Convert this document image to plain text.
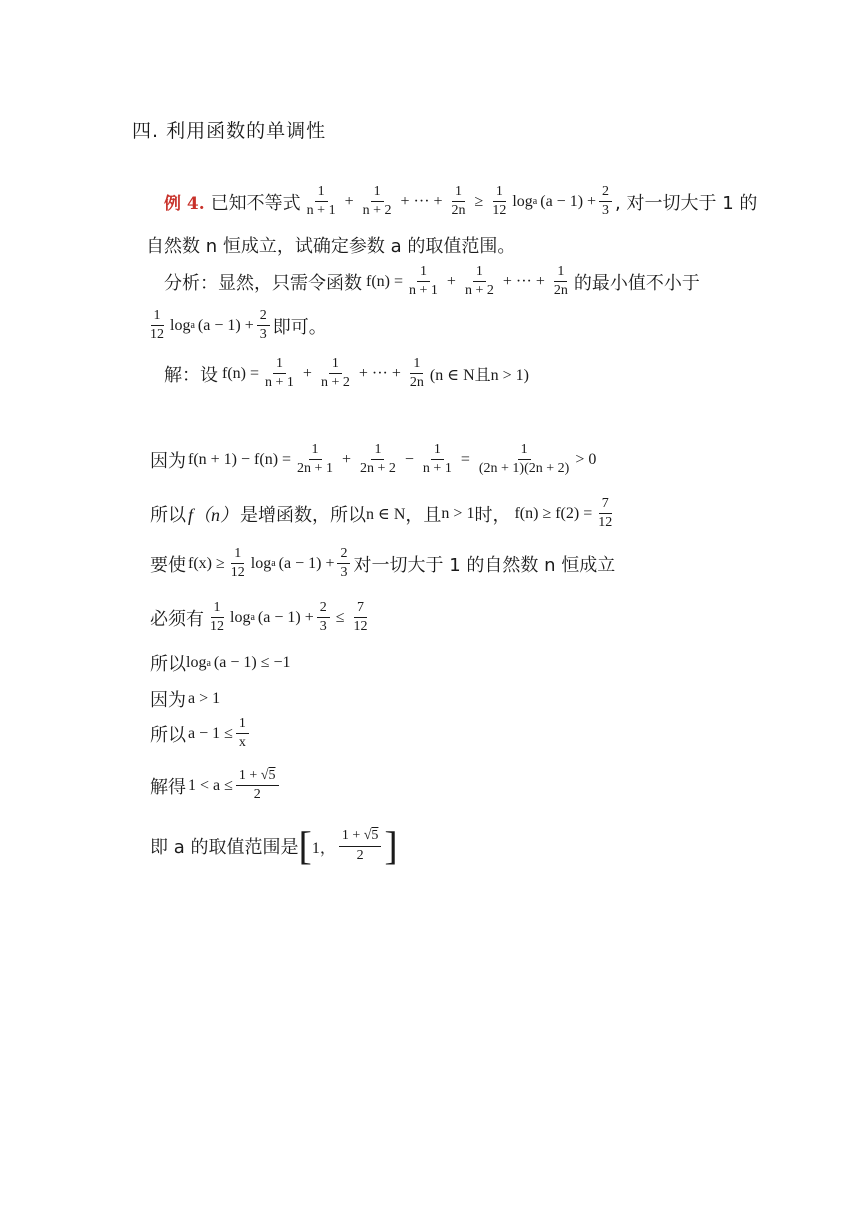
四. 利用函数的单调性
例 4. 已知不等式 $\frac{1}{n + 1} + \frac{1}{n + 2}$ + ··· + $\frac{1}{2n} \ge \frac{1}{12}$ log a $(a - 1) + \frac{2}{3}$ , 对一切大于 1 的
自然数 n 恒成立，试确定参数 a 的取值范围。
分析：显然，只需令函数 $f(n) = \frac{1}{n + 1} + \frac{1}{n + 2}$ + ··· + $\frac{1}{2n}$ 的最小值不小于
$\frac{1}{12}$ log a $(a - 1) + \frac{2}{3}$ 即可。
解：设 $f(n) = \frac{1}{n + 1} + \frac{1}{n + 2}$ + ··· + $\frac{1}{2n} (n$ ∈ N且n > 1)
因为 $f(n + 1) - f(n) = \frac{1}{2n + 1} + \frac{1}{2n + 2} - \frac{1}{n + 1} = \frac{1}{(2n + 1)(2n + 2)} > 0$
所以 f（n） 是增函数，所以 n ∈ N ，且 n > 1 时， $f(n) \ge f(2) = \frac{7}{12}$
要使 $f(x) \ge \frac{1}{12}$ log a $(a - 1) + \frac{2}{3}$ 对一切大于 1 的自然数 n 恒成立
必须有 $\frac{1}{12}$ log a $(a - 1) + \frac{2}{3} \le \frac{7}{12}$
所以 log a (a − 1) ≤ −1
因为 a > 1
所以 $a - 1 \le \frac{1}{x}$
解得 $1 < a \le \frac{1 + √5}{2}$
即 a 的取值范围是 [ 1， $\frac{1 + √5}{2}$ ]
